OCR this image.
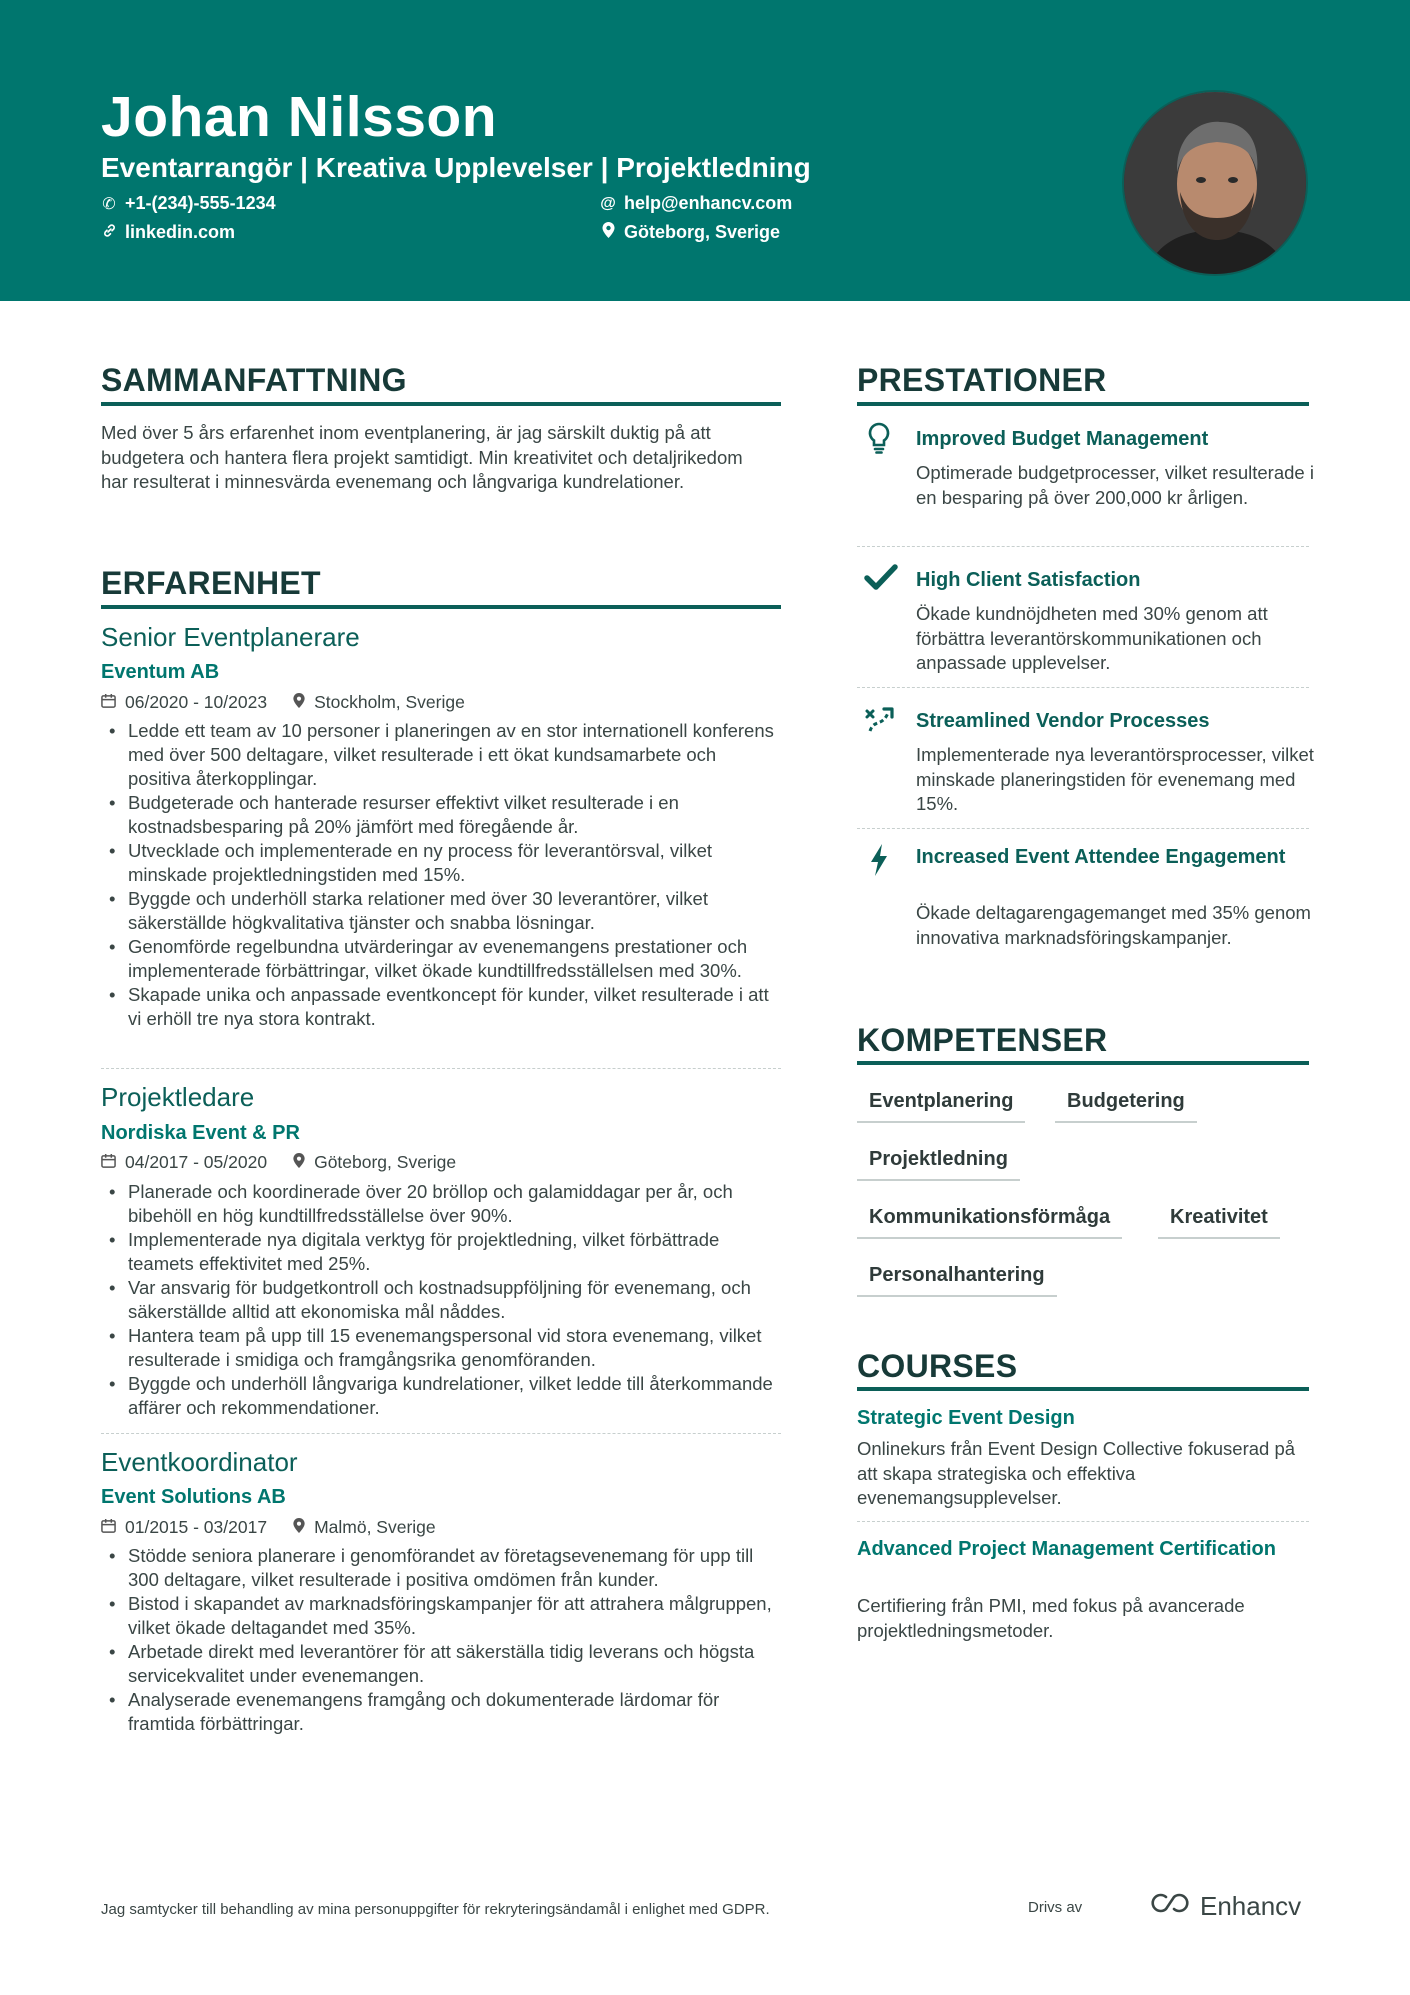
Johan Nilsson
Eventarrangör | Kreativa Upplevelser | Projektledning
✆ +1-(234)-555-1234	@ help@enhancv.com
linkedin.com	Göteborg, Sverige
SAMMANFATTNING
Med över 5 års erfarenhet inom eventplanering, är jag särskilt duktig på att budgetera och hantera flera projekt samtidigt. Min kreativitet och detaljrikedom har resulterat i minnesvärda evenemang och långvariga kundrelationer.
ERFARENHET
Senior Eventplanerare
Eventum AB
06/2020 - 10/2023	Stockholm, Sverige
• Ledde ett team av 10 personer i planeringen av en stor internationell konferens med över 500 deltagare, vilket resulterade i ett ökat kundsamarbete och positiva återkopplingar.
• Budgeterade och hanterade resurser effektivt vilket resulterade i en kostnadsbesparing på 20% jämfört med föregående år.
• Utvecklade och implementerade en ny process för leverantörsval, vilket minskade projektledningstiden med 15%.
• Byggde och underhöll starka relationer med över 30 leverantörer, vilket säkerställde högkvalitativa tjänster och snabba lösningar.
• Genomförde regelbundna utvärderingar av evenemangens prestationer och implementerade förbättringar, vilket ökade kundtillfredsställelsen med 30%.
• Skapade unika och anpassade eventkoncept för kunder, vilket resulterade i att vi erhöll tre nya stora kontrakt.
Projektledare
Nordiska Event & PR
04/2017 - 05/2020	Göteborg, Sverige
• Planerade och koordinerade över 20 bröllop och galamiddagar per år, och bibehöll en hög kundtillfredsställelse över 90%.
• Implementerade nya digitala verktyg för projektledning, vilket förbättrade teamets effektivitet med 25%.
• Var ansvarig för budgetkontroll och kostnadsuppföljning för evenemang, och säkerställde alltid att ekonomiska mål nåddes.
• Hantera team på upp till 15 evenemangspersonal vid stora evenemang, vilket resulterade i smidiga och framgångsrika genomföranden.
• Byggde och underhöll långvariga kundrelationer, vilket ledde till återkommande affärer och rekommendationer.
Eventkoordinator
Event Solutions AB
01/2015 - 03/2017	Malmö, Sverige
• Stödde seniora planerare i genomförandet av företagsevenemang för upp till 300 deltagare, vilket resulterade i positiva omdömen från kunder.
• Bistod i skapandet av marknadsföringskampanjer för att attrahera målgruppen, vilket ökade deltagandet med 35%.
• Arbetade direkt med leverantörer för att säkerställa tidig leverans och högsta servicekvalitet under evenemangen.
• Analyserade evenemangens framgång och dokumenterade lärdomar för framtida förbättringar.
PRESTATIONER
Improved Budget Management
Optimerade budgetprocesser, vilket resulterade i en besparing på över 200,000 kr årligen.
High Client Satisfaction
Ökade kundnöjdheten med 30% genom att förbättra leverantörskommunikationen och anpassade upplevelser.
Streamlined Vendor Processes
Implementerade nya leverantörsprocesser, vilket minskade planeringstiden för evenemang med 15%.
Increased Event Attendee Engagement
Ökade deltagarengagemanget med 35% genom innovativa marknadsföringskampanjer.
KOMPETENSER
Eventplanering	Budgetering
Projektledning
Kommunikationsförmåga	Kreativitet
Personalhantering
COURSES
Strategic Event Design
Onlinekurs från Event Design Collective fokuserad på att skapa strategiska och effektiva evenemangsupplevelser.
Advanced Project Management Certification
Certifiering från PMI, med fokus på avancerade projektledningsmetoder.
Jag samtycker till behandling av mina personuppgifter för rekryteringsändamål i enlighet med GDPR.	Drivs av	Enhancv
